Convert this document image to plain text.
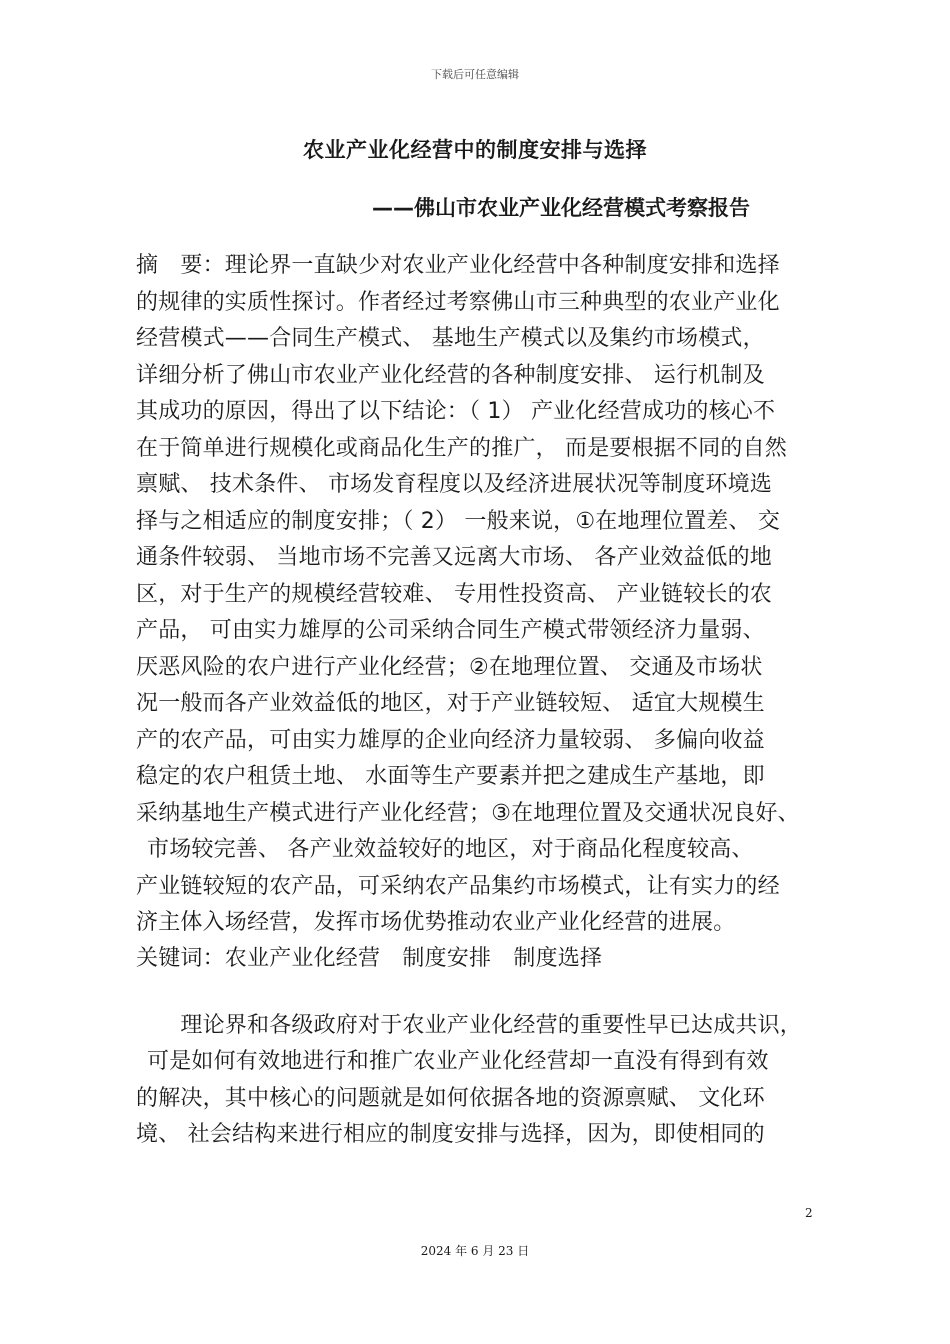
下载后可任意编辑
农业产业化经营中的制度安排与选择
——佛山市农业产业化经营模式考察报告
摘　要：理论界一直缺少对农业产业化经营中各种制度安排和选择
的规律的实质性探讨。作者经过考察佛山市三种典型的农业产业化
经营模式——合同生产模式、 基地生产模式以及集约市场模式，
详细分析了佛山市农业产业化经营的各种制度安排、 运行机制及
其成功的原因，得出了以下结论：（ 1） 产业化经营成功的核心不
在于简单进行规模化或商品化生产的推广， 而是要根据不同的自然
禀赋、 技术条件、 市场发育程度以及经济进展状况等制度环境选
择与之相适应的制度安排；（ 2） 一般来说，①在地理位置差、 交
通条件较弱、 当地市场不完善又远离大市场、 各产业效益低的地
区，对于生产的规模经营较难、 专用性投资高、 产业链较长的农
产品， 可由实力雄厚的公司采纳合同生产模式带领经济力量弱、
厌恶风险的农户进行产业化经营；②在地理位置、 交通及市场状
况一般而各产业效益低的地区，对于产业链较短、 适宜大规模生
产的农产品，可由实力雄厚的企业向经济力量较弱、 多偏向收益
稳定的农户租赁土地、 水面等生产要素并把之建成生产基地，即
采纳基地生产模式进行产业化经营；③在地理位置及交通状况良好、
市场较完善、 各产业效益较好的地区，对于商品化程度较高、
产业链较短的农产品，可采纳农产品集约市场模式，让有实力的经
济主体入场经营，发挥市场优势推动农业产业化经营的进展。
关键词：农业产业化经营　制度安排　制度选择
　　理论界和各级政府对于农业产业化经营的重要性早已达成共识，
可是如何有效地进行和推广农业产业化经营却一直没有得到有效
的解决，其中核心的问题就是如何依据各地的资源禀赋、 文化环
境、 社会结构来进行相应的制度安排与选择，因为，即使相同的
2
2024 年 6 月 23 日
